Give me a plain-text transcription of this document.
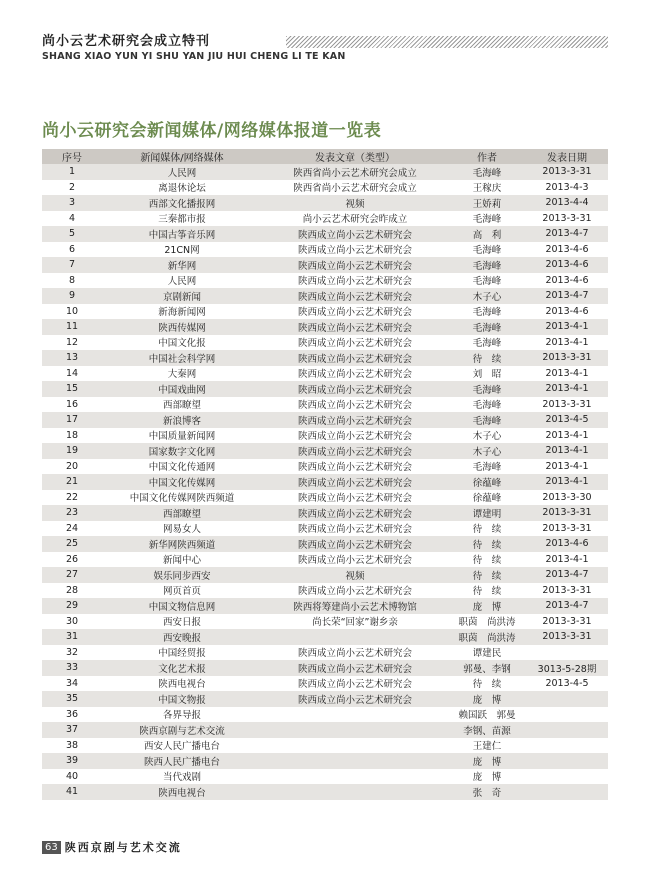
尚小云艺术研究会成立特刊
SHANG XIAO YUN YI SHU YAN JIU HUI CHENG LI TE KAN
尚小云研究会新闻媒体/网络媒体报道一览表
序号	新闻媒体/网络媒体	发表文章（类型）	作者	发表日期
1	人民网	陕西省尚小云艺术研究会成立	毛海峰	2013-3-31
2	离退休论坛	陕西省尚小云艺术研究会成立	王稼庆	2013-4-3
3	西部文化播报网	视频	王娇莉	2013-4-4
4	三秦都市报	尚小云艺术研究会昨成立	毛海峰	2013-3-31
5	中国古筝音乐网	陕西成立尚小云艺术研究会	高　利	2013-4-7
6	21CN网	陕西成立尚小云艺术研究会	毛海峰	2013-4-6
7	新华网	陕西成立尚小云艺术研究会	毛海峰	2013-4-6
8	人民网	陕西成立尚小云艺术研究会	毛海峰	2013-4-6
9	京剧新闻	陕西成立尚小云艺术研究会	木子心	2013-4-7
10	新海新闻网	陕西成立尚小云艺术研究会	毛海峰	2013-4-6
11	陕西传媒网	陕西成立尚小云艺术研究会	毛海峰	2013-4-1
12	中国文化报	陕西成立尚小云艺术研究会	毛海峰	2013-4-1
13	中国社会科学网	陕西成立尚小云艺术研究会	待　续	2013-3-31
14	大秦网	陕西成立尚小云艺术研究会	刘　昭	2013-4-1
15	中国戏曲网	陕西成立尚小云艺术研究会	毛海峰	2013-4-1
16	西部瞭望	陕西成立尚小云艺术研究会	毛海峰	2013-3-31
17	新浪博客	陕西成立尚小云艺术研究会	毛海峰	2013-4-5
18	中国质量新闻网	陕西成立尚小云艺术研究会	木子心	2013-4-1
19	国家数字文化网	陕西成立尚小云艺术研究会	木子心	2013-4-1
20	中国文化传通网	陕西成立尚小云艺术研究会	毛海峰	2013-4-1
21	中国文化传媒网	陕西成立尚小云艺术研究会	徐蕴峰	2013-4-1
22	中国文化传媒网陕西频道	陕西成立尚小云艺术研究会	徐蕴峰	2013-3-30
23	西部瞭望	陕西成立尚小云艺术研究会	谭建明	2013-3-31
24	网易女人	陕西成立尚小云艺术研究会	待　续	2013-3-31
25	新华网陕西频道	陕西成立尚小云艺术研究会	待　续	2013-4-6
26	新闻中心	陕西成立尚小云艺术研究会	待　续	2013-4-1
27	娱乐同步西安	视频	待　续	2013-4-7
28	网页首页	陕西成立尚小云艺术研究会	待　续	2013-3-31
29	中国文物信息网	陕西将筹建尚小云艺术博物馆	庞　博	2013-4-7
30	西安日报	尚长荣“回家”谢乡亲	职茵　尚洪涛	2013-3-31
31	西安晚报		职茵　尚洪涛	2013-3-31
32	中国经贸报	陕西成立尚小云艺术研究会	谭建民	
33	文化艺术报	陕西成立尚小云艺术研究会	郭曼、李钢	3013-5-28期
34	陕西电视台	陕西成立尚小云艺术研究会	待　续	2013-4-5
35	中国文物报	陕西成立尚小云艺术研究会	庞　博	
36	各界导报		赖国跃　郭曼	
37	陕西京剧与艺术交流		李钢、苗源	
38	西安人民广播电台		王建仁	
39	陕西人民广播电台		庞　博	
40	当代戏剧		庞　博	
41	陕西电视台		张　奇	
63 陕西京剧与艺术交流
